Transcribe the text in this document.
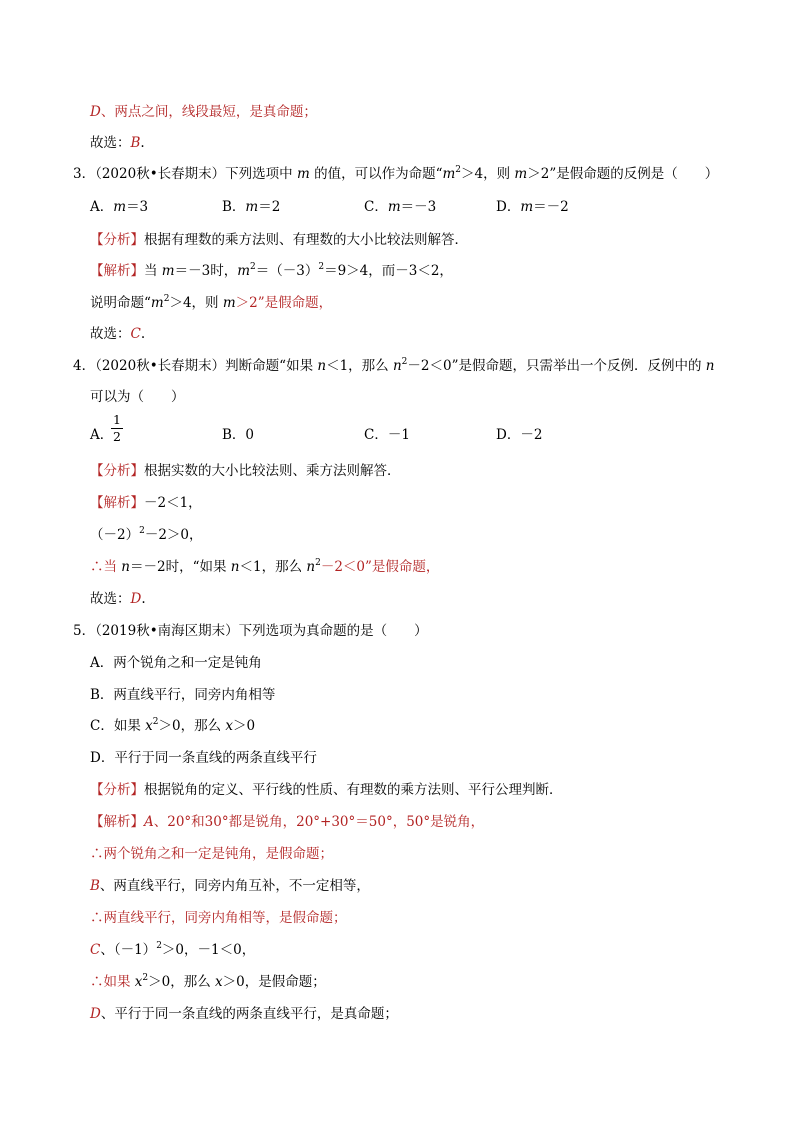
D、两点之间，线段最短，是真命题；
故选：B.
3．（2020秋•长春期末）下列选项中 m 的值，可以作为命题“$m^2>4$，则 m＞2”是假命题的反例是（　　）
A．m＝3	B．m＝2	C．m＝－3	D．m＝－2
【分析】根据有理数的乘方法则、有理数的大小比较法则解答．
【解析】当 m＝－3时，$m^2=(-3)^2=9>4$，而－3＜2，
说明命题“$m^2>4$，则 m＞2”是假命题，
故选：C.
4．（2020秋•长春期末）判断命题“如果 n＜1，那么 $n^2-2<0$”是假命题，只需举出一个反例．反例中的 n
可以为（　　）
A．
1
2	B．0	C．－1	D．－2
【分析】根据实数的大小比较法则、乘方法则解答．
【解析】－2＜1，
$(-2)^2-2>0$，
∴当 n＝－2时，“如果 n＜1，那么 $n^2-2<0$”是假命题，
故选：D.
5．（2019秋•南海区期末）下列选项为真命题的是（　　）
A．两个锐角之和一定是钝角
B．两直线平行，同旁内角相等
C．如果 $x^2>0$，那么 x＞0
D．平行于同一条直线的两条直线平行
【分析】根据锐角的定义、平行线的性质、有理数的乘方法则、平行公理判断．
【解析】A、20°和30°都是锐角，20°+30°＝50°，50°是锐角，
∴两个锐角之和一定是钝角，是假命题；
B、两直线平行，同旁内角互补，不一定相等，
∴两直线平行，同旁内角相等，是假命题；
C、$(-1)^2>0$，－1＜0，
∴如果 $x^2>0$，那么 x＞0，是假命题；
D、平行于同一条直线的两条直线平行，是真命题；
